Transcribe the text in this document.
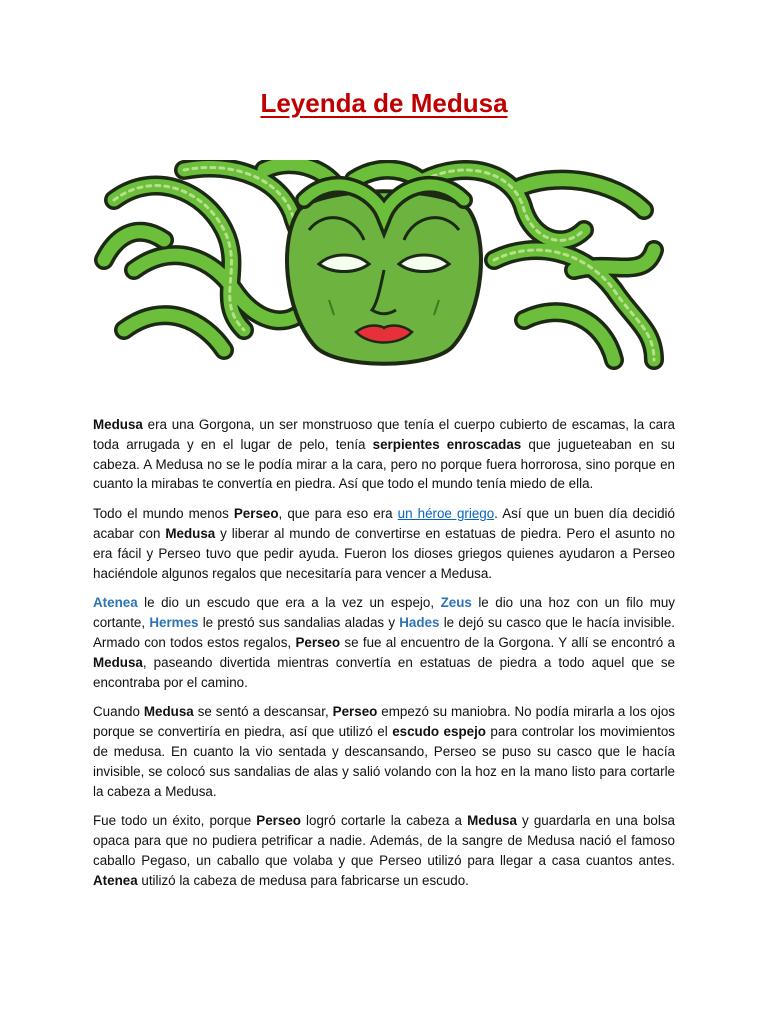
Leyenda de Medusa

Medusa era una Gorgona, un ser monstruoso que tenía el cuerpo cubierto de escamas, la cara toda arrugada y en el lugar de pelo, tenía serpientes enroscadas que jugueteaban en su cabeza. A Medusa no se le podía mirar a la cara, pero no porque fuera horrorosa, sino porque en cuanto la mirabas te convertía en piedra. Así que todo el mundo tenía miedo de ella.

Todo el mundo menos Perseo, que para eso era un héroe griego. Así que un buen día decidió acabar con Medusa y liberar al mundo de convertirse en estatuas de piedra. Pero el asunto no era fácil y Perseo tuvo que pedir ayuda. Fueron los dioses griegos quienes ayudaron a Perseo haciéndole algunos regalos que necesitaría para vencer a Medusa.

Atenea le dio un escudo que era a la vez un espejo, Zeus le dio una hoz con un filo muy cortante, Hermes le prestó sus sandalias aladas y Hades le dejó su casco que le hacía invisible. Armado con todos estos regalos, Perseo se fue al encuentro de la Gorgona. Y allí se encontró a Medusa, paseando divertida mientras convertía en estatuas de piedra a todo aquel que se encontraba por el camino.

Cuando Medusa se sentó a descansar, Perseo empezó su maniobra. No podía mirarla a los ojos porque se convertiría en piedra, así que utilizó el escudo espejo para controlar los movimientos de medusa. En cuanto la vio sentada y descansando, Perseo se puso su casco que le hacía invisible, se colocó sus sandalias de alas y salió volando con la hoz en la mano listo para cortarle la cabeza a Medusa.

Fue todo un éxito, porque Perseo logró cortarle la cabeza a Medusa y guardarla en una bolsa opaca para que no pudiera petrificar a nadie. Además, de la sangre de Medusa nació el famoso caballo Pegaso, un caballo que volaba y que Perseo utilizó para llegar a casa cuantos antes. Atenea utilizó la cabeza de medusa para fabricarse un escudo.
